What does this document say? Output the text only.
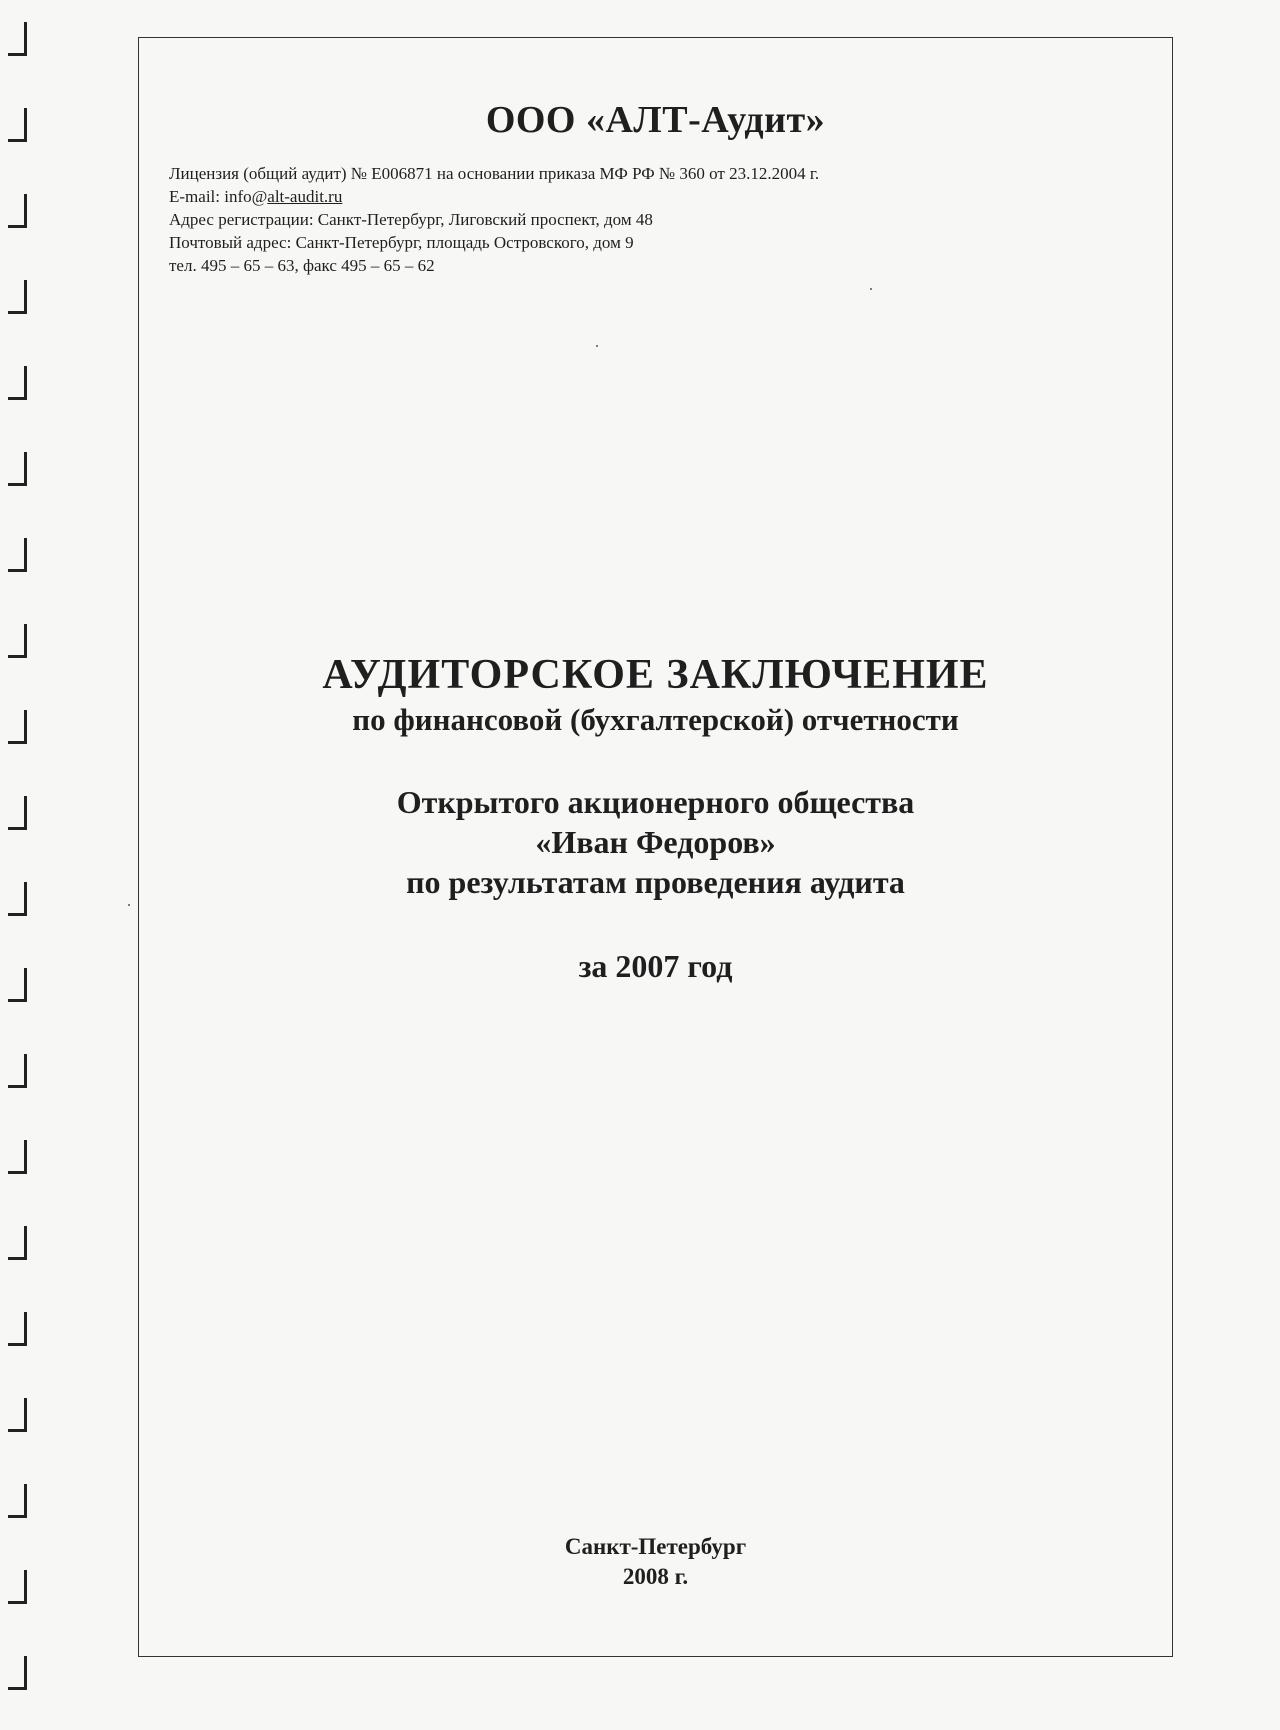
ООО «АЛТ-Аудит»
Лицензия (общий аудит) № Е006871 на основании приказа МФ РФ № 360 от 23.12.2004 г.
E-mail: info@alt-audit.ru
Адрес регистрации: Санкт-Петербург, Лиговский проспект, дом 48
Почтовый адрес: Санкт-Петербург, площадь Островского, дом 9
тел. 495 – 65 – 63, факс 495 – 65 – 62
АУДИТОРСКОЕ ЗАКЛЮЧЕНИЕ
по финансовой (бухгалтерской) отчетности
Открытого акционерного общества
«Иван Федоров»
по результатам проведения аудита
за 2007 год
Санкт-Петербург
2008 г.
